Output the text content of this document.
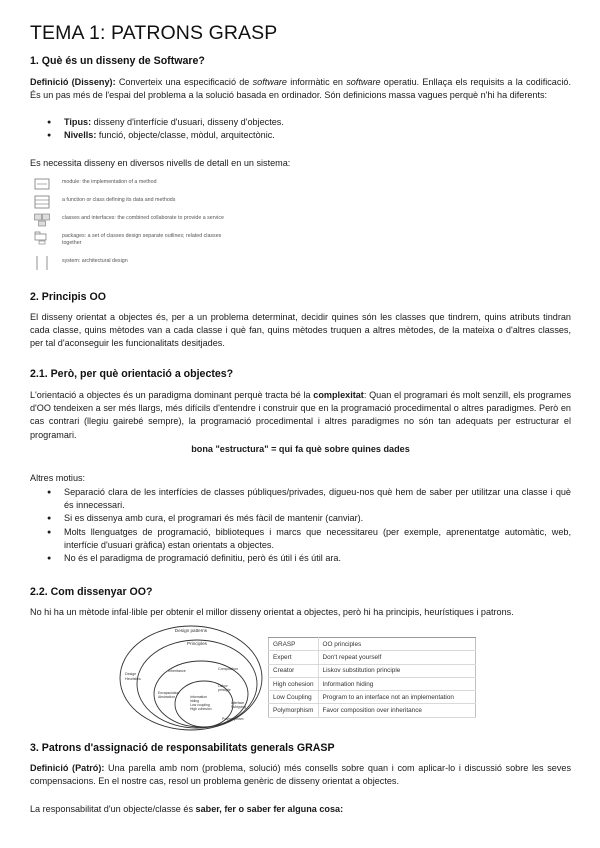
TEMA 1: PATRONS GRASP
1. Què és un disseny de Software?

Definició (Disseny): Converteix una especificació de software informàtic en software operatiu. Enllaça els requisits a la codificació. És un pas més de l'espai del problema a la solució basada en ordinador. Són definicions massa vagues perquè n'hi ha diferents:

● Tipus: disseny d'interfície d'usuari, disseny d'objectes.
● Nivells: funció, objecte/classe, mòdul, arquitectònic.

Es necessita disseny en diversos nivells de detall en un sistema:

module: the implementation of a method
a function or class defining its data and methods
classes and interfaces: the combined collaborate to provide a service
packages: a set of classes design separate outlines; related classes together
system: architectural design
2. Principis OO

El disseny orientat a objectes és, per a un problema determinat, decidir quines són les classes que tindrem, quins atributs tindran cada classe, quins mètodes van a cada classe i què fan, quins mètodes truquen a altres mètodes, de la mateixa o d'altres classes, per tal d'aconseguir les funcionalitats desitjades.

2.1. Però, per què orientació a objectes?

L'orientació a objectes és un paradigma dominant perquè tracta bé la complexitat: Quan el programari és molt senzill, els programes d'OO tendeixen a ser més llargs, més difícils d'entendre i construir que en la programació procedimental o altres paradigmes. Però en cas contrari (llegiu gairebé sempre), la programació procedimental i altres paradigmes no són tan adequats per estructurar el programari.

bona "estructura" = qui fa què sobre quines dades

Altres motius:

● Separació clara de les interfícies de classes públiques/privades, digueu-nos què hem de saber per utilitzar una classe i què és innecessari.
● Si es dissenya amb cura, el programari és més fàcil de mantenir (canviar).
● Molts llenguatges de programació, biblioteques i marcs que necessitareu (per exemple, aprenentatge automàtic, web, interfície d'usuari gràfica) estan orientats a objectes.
● No és el paradigma de programació definitiu, però és útil i és útil ara.
2.2. Com dissenyar OO?

No hi ha un mètode infal·lible per obtenir el millor disseny orientat a objectes, però hi ha principis, heurístiques i patrons.

Design patterns
Principles
Design
Heuristics
Inheritance	Composition
Encapsulation
Abstraction	Information
hiding
Low coupling
High cohesion
Liskov
principle
Interface
Subtyping
Polymorphism
GRASP	OO principles
Expert	Don't repeat yourself
Creator	Liskov substitution principle
High cohesion	Information hiding
Low Coupling	Program to an interface not an implementation
Polymorphism	Favor composition over inheritance
3. Patrons d'assignació de responsabilitats generals GRASP

Definició (Patró): Una parella amb nom (problema, solució) més consells sobre quan i com aplicar-lo i discussió sobre les seves compensacions. En el nostre cas, resol un problema genèric de disseny orientat a objectes.

La responsabilitat d'un objecte/classe és saber, fer o saber fer alguna cosa:
